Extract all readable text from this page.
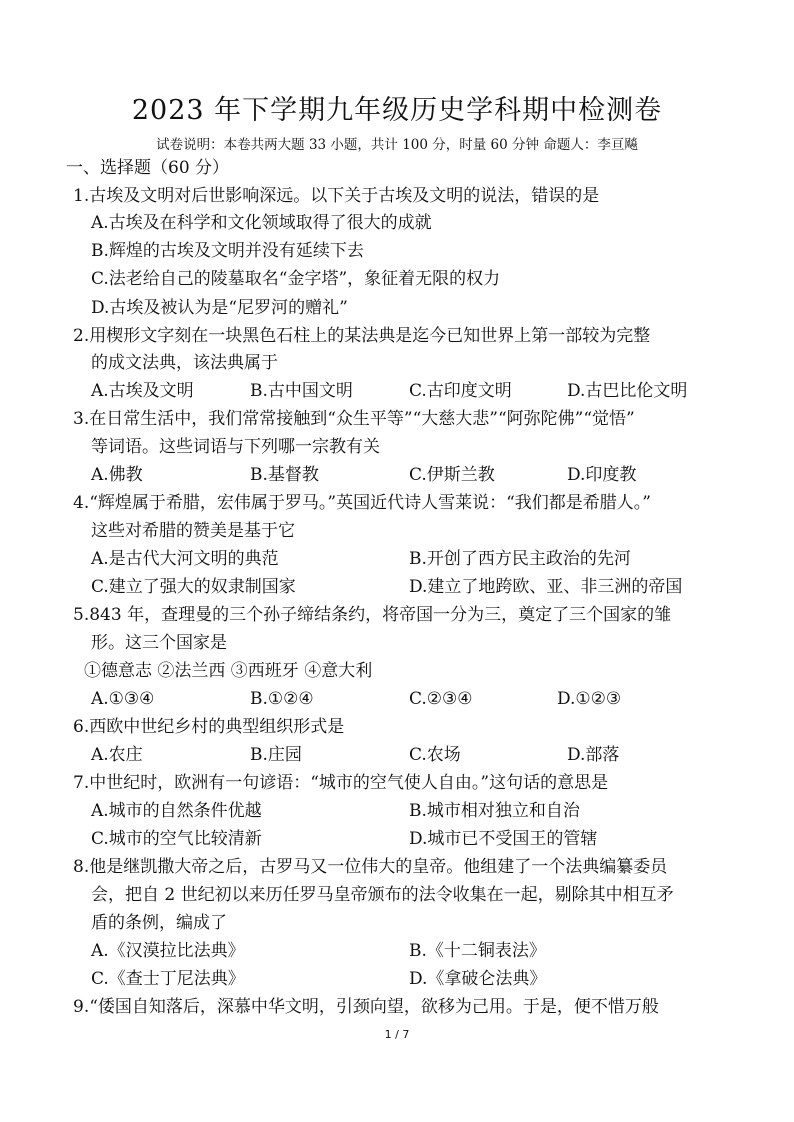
2023 年下学期九年级历史学科期中检测卷
试卷说明：本卷共两大题 33 小题，共计 100 分，时量 60 分钟 命题人：李亘飚
一、选择题（60 分）
1.古埃及文明对后世影响深远。以下关于古埃及文明的说法，错误的是
A.古埃及在科学和文化领域取得了很大的成就
B.辉煌的古埃及文明并没有延续下去
C.法老给自己的陵墓取名“金字塔”，象征着无限的权力
D.古埃及被认为是“尼罗河的赠礼”
2.用楔形文字刻在一块黑色石柱上的某法典是迄今已知世界上第一部较为完整
的成文法典，该法典属于
A.古埃及文明	B.古中国文明	C.古印度文明	D.古巴比伦文明
3.在日常生活中，我们常常接触到“众生平等”“大慈大悲”“阿弥陀佛”“觉悟”
等词语。这些词语与下列哪一宗教有关
A.佛教	B.基督教	C.伊斯兰教	D.印度教
4.“辉煌属于希腊，宏伟属于罗马。”英国近代诗人雪莱说：“我们都是希腊人。”
这些对希腊的赞美是基于它
A.是古代大河文明的典范	B.开创了西方民主政治的先河
C.建立了强大的奴隶制国家	D.建立了地跨欧、亚、非三洲的帝国
5.843 年，查理曼的三个孙子缔结条约，将帝国一分为三，奠定了三个国家的雏
形。这三个国家是
①德意志 ②法兰西 ③西班牙 ④意大利
A.①③④	B.①②④	C.②③④	D.①②③
6.西欧中世纪乡村的典型组织形式是
A.农庄	B.庄园	C.农场	D.部落
7.中世纪时，欧洲有一句谚语：“城市的空气使人自由。”这句话的意思是
A.城市的自然条件优越	B.城市相对独立和自治
C.城市的空气比较清新	D.城市已不受国王的管辖
8.他是继凯撒大帝之后，古罗马又一位伟大的皇帝。他组建了一个法典编纂委员
会，把自 2 世纪初以来历任罗马皇帝颁布的法令收集在一起，剔除其中相互矛
盾的条例，编成了
A.《汉漠拉比法典》	B.《十二铜表法》
C.《查士丁尼法典》	D.《拿破仑法典》
9.“倭国自知落后，深慕中华文明，引颈向望，欲移为己用。于是，便不惜万般
1 / 7
